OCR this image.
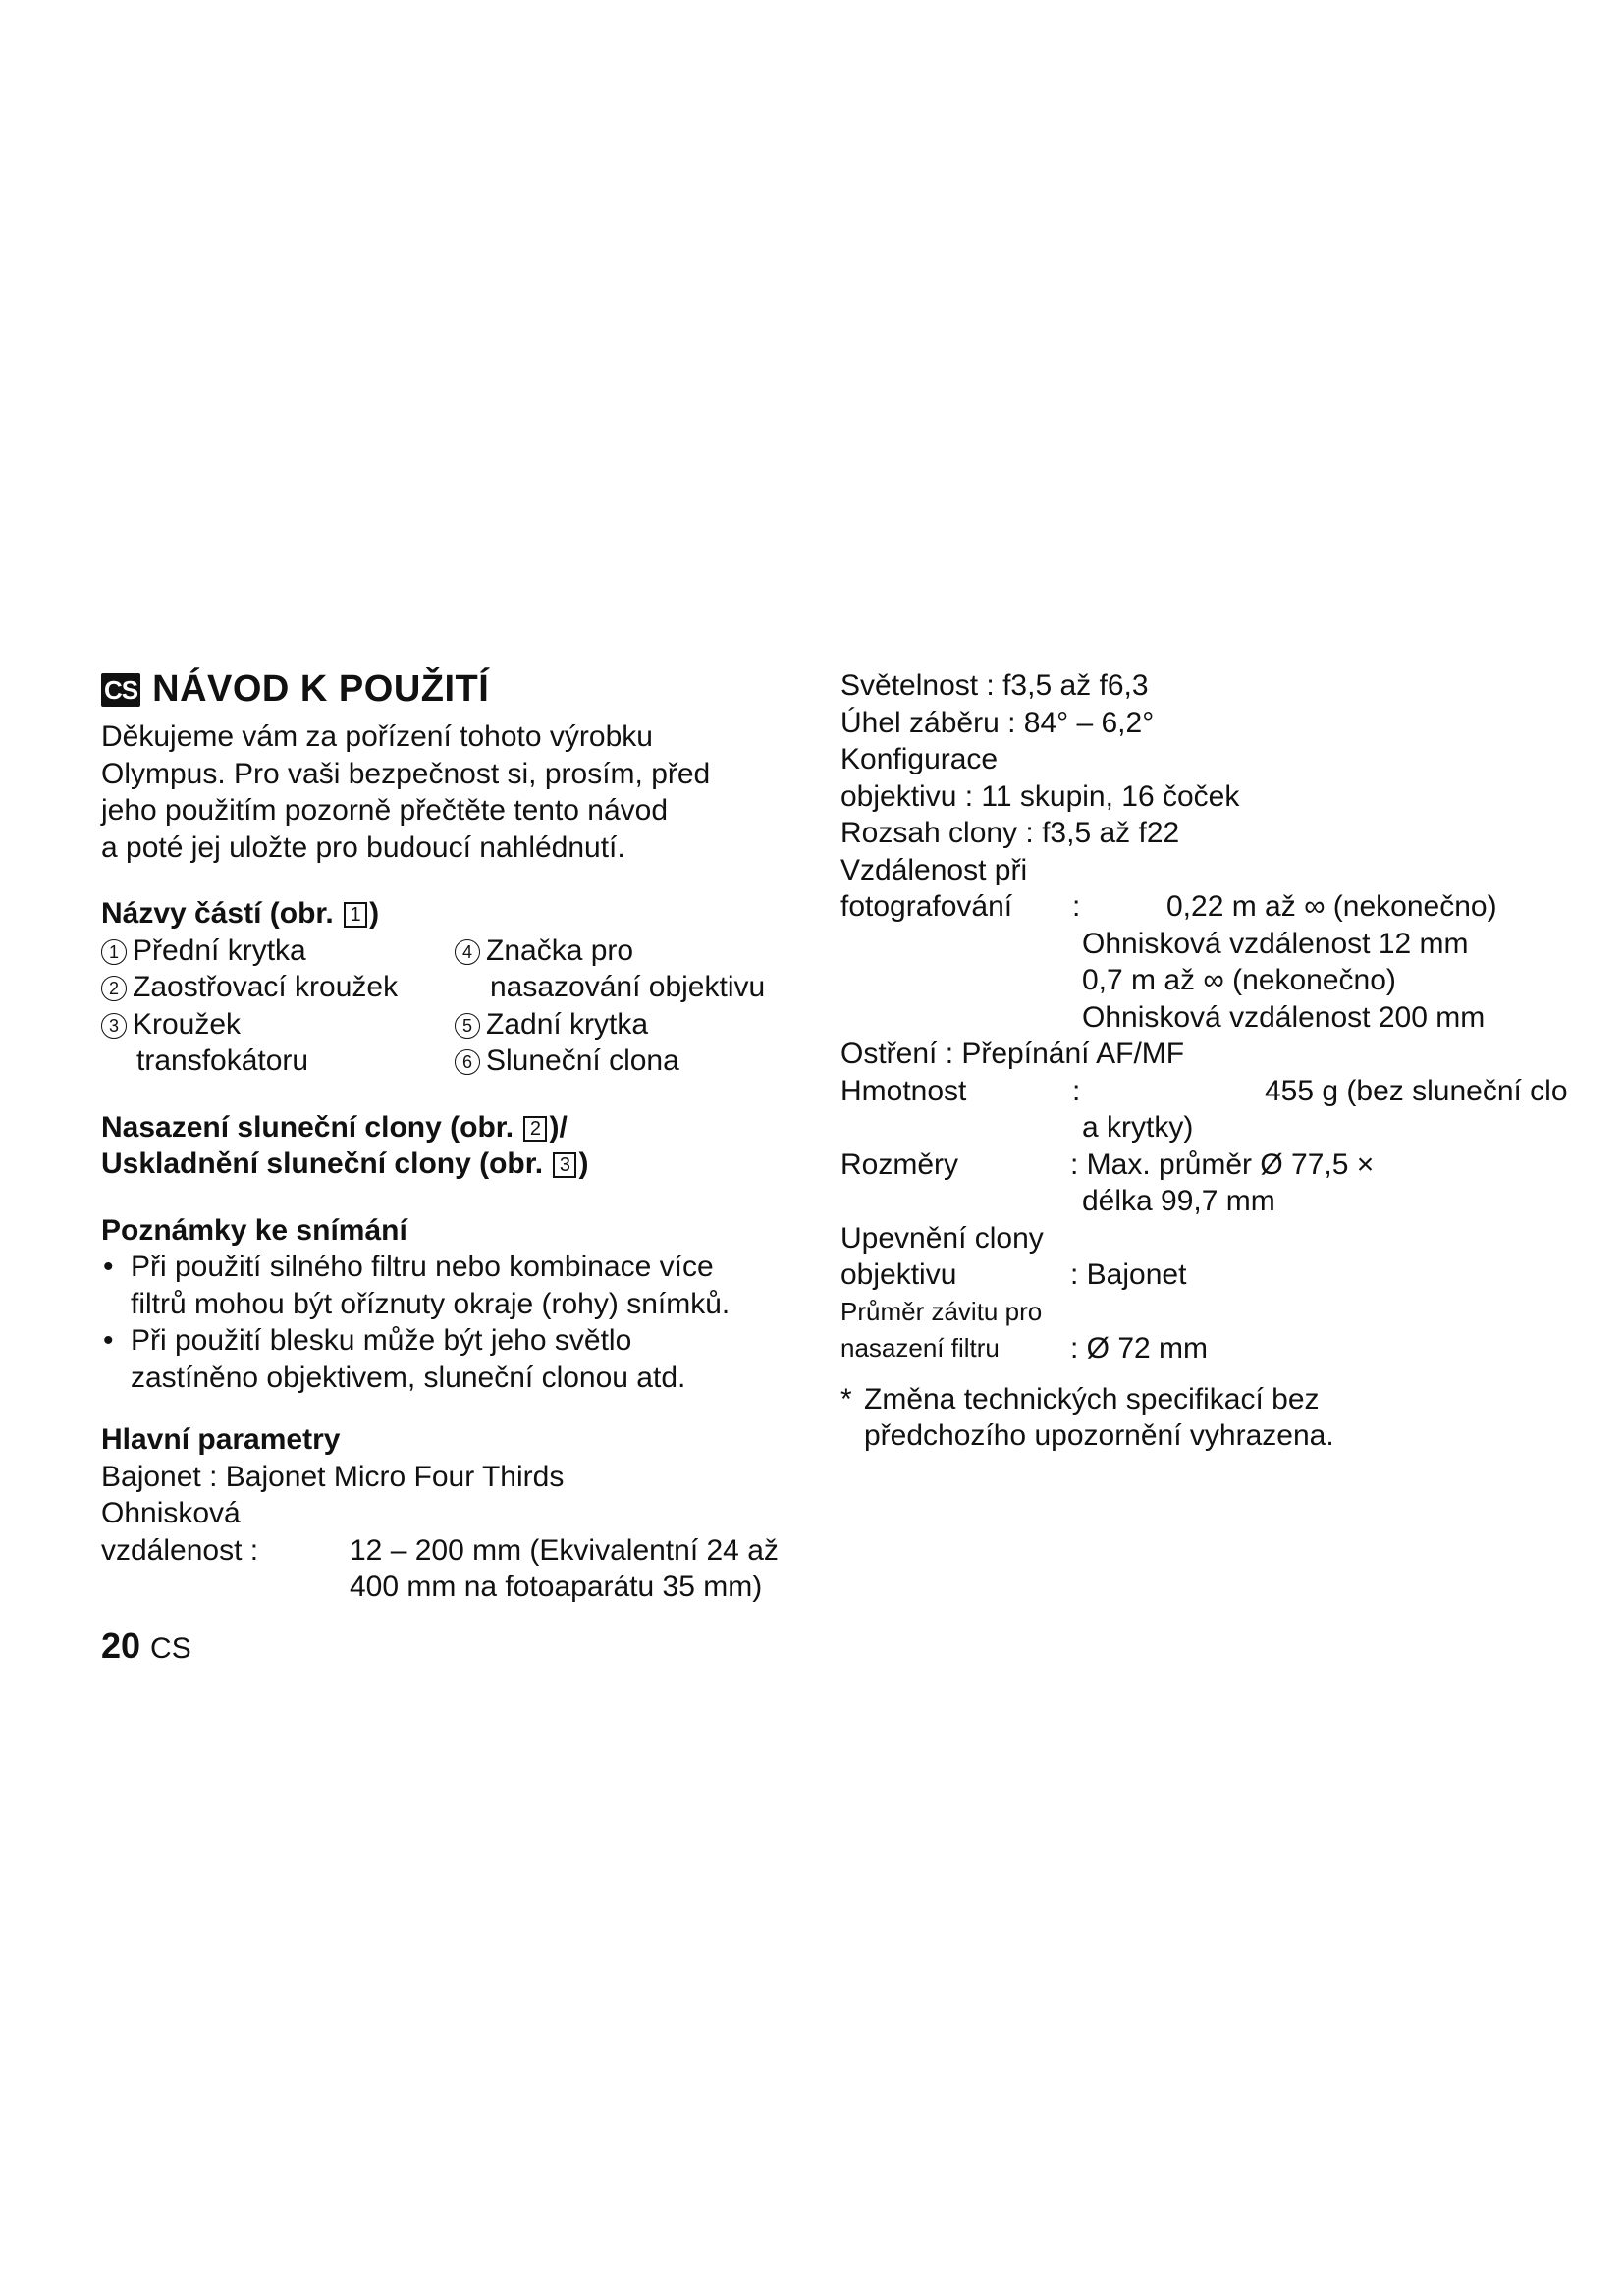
CS NÁVOD K POUŽITÍ
Děkujeme vám za pořízení tohoto výrobku
Olympus. Pro vaši bezpečnost si, prosím, před
jeho použitím pozorně přečtěte tento návod
a poté jej uložte pro budoucí nahlédnutí.
Názvy částí (obr. 1 )
1 Přední krytka	4 Značka pro
2 Zaostřovací kroužek	nasazování objektivu
3 Kroužek	5 Zadní krytka
transfokátoru	6 Sluneční clona
Nasazení sluneční clony (obr. 2 )/
Uskladnění sluneční clony (obr. 3 )
Poznámky ke snímání
• Při použití silného filtru nebo kombinace více
filtrů mohou být oříznuty okraje (rohy) snímků.
• Při použití blesku může být jeho světlo
zastíněno objektivem, sluneční clonou atd.
Hlavní parametry
Bajonet : Bajonet Micro Four Thirds
Ohnisková
vzdálenost :	12 – 200 mm (Ekvivalentní 24 až
400 mm na fotoaparátu 35 mm)
Světelnost : f3,5 až f6,3
Úhel záběru : 84° – 6,2°
Konfigurace
objektivu : 11 skupin, 16 čoček
Rozsah clony : f3,5 až f22
Vzdálenost při
fotografování	:	0,22 m až ∞ (nekonečno)
Ohnisková vzdálenost 12 mm
0,7 m až ∞ (nekonečno)
Ohnisková vzdálenost 200 mm
Ostření : Přepínání AF/MF
Hmotnost	:	455 g (bez sluneční clo
a krytky)
Rozměry	: Max. průměr Ø 77,5 ×
délka 99,7 mm
Upevnění clony
objektivu	: Bajonet
Průměr závitu pro
nasazení filtru	: Ø 72 mm
* Změna technických specifikací bez
předchozího upozornění vyhrazena.
20 CS
